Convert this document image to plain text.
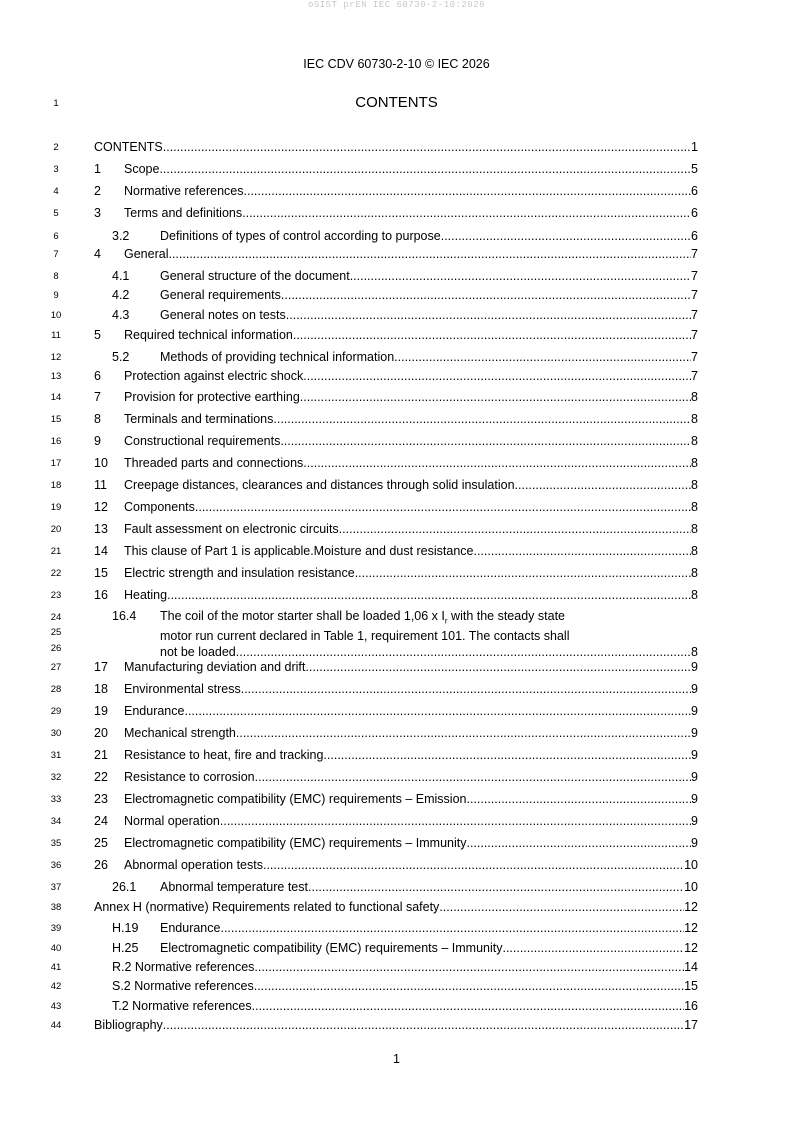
oSIST prEN IEC 60730-2-10:2026
IEC CDV 60730-2-10 © IEC 2026
1	CONTENTS
2	CONTENTS .....	1
3	1	Scope .....	5
4	2	Normative references .....	6
5	3	Terms and definitions .....	6
6	3.2	Definitions of types of control according to purpose .....	6
7	4	General .....	7
8	4.1	General structure of the document .....	7
9	4.2	General requirements .....	7
10	4.3	General notes on tests .....	7
11	5	Required technical information .....	7
12	5.2	Methods of providing technical information .....	7
13	6	Protection against electric shock .....	7
14	7	Provision for protective earthing .....	8
15	8	Terminals and terminations .....	8
16	9	Constructional requirements .....	8
17	10	Threaded parts and connections .....	8
18	11	Creepage distances, clearances and distances through solid insulation .....	8
19	12	Components .....	8
20	13	Fault assessment on electronic circuits .....	8
21	14	This clause of Part 1 is applicable.Moisture and dust resistance .....	8
22	15	Electric strength and insulation resistance .....	8
23	16	Heating .....	8
24
25
26
16.4 The coil of the motor starter shall be loaded 1,06 x $I_r$ with the steady state
motor run current declared in Table 1, requirement 101. The contacts shall
not be loaded. .....	8
27	17	Manufacturing deviation and drift .....	9
28	18	Environmental stress .....	9
29	19	Endurance .....	9
30	20	Mechanical strength .....	9
31	21	Resistance to heat, fire and tracking .....	9
32	22	Resistance to corrosion .....	9
33	23	Electromagnetic compatibility (EMC) requirements – Emission .....	9
34	24	Normal operation .....	9
35	25	Electromagnetic compatibility (EMC) requirements – Immunity .....	9
36	26	Abnormal operation tests .....	10
37	26.1	Abnormal temperature test .....	10
38	Annex H (normative) Requirements related to functional safety .....	12
39	H.19	Endurance .....	12
40	H.25	Electromagnetic compatibility (EMC) requirements – Immunity .....	12
41	R.2 Normative references .....	14
42	S.2 Normative references .....	15
43	T.2 Normative references .....	16
44	Bibliography .....	17
1
